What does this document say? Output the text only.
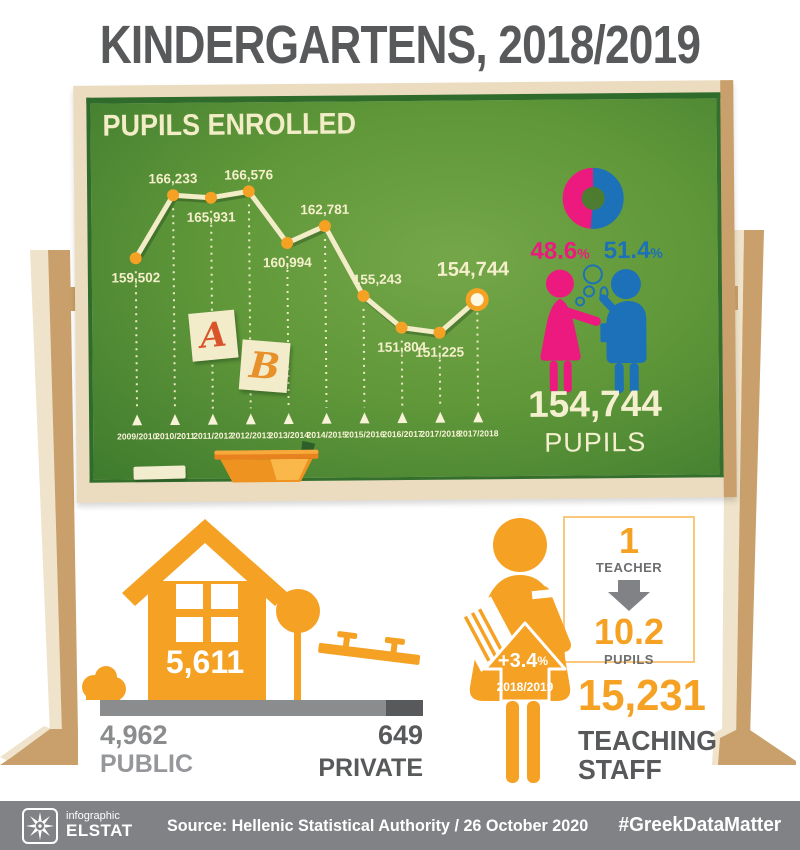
KINDERGARTENS, 2018/2019
PUPILS ENROLLED
2009/2010
2010/2011
2011/2012
2012/2013
2013/2014
2014/2015
2015/2016
2016/2017
2017/2018
2017/2018
159,502
166,233
165,931
166,576
160,994
162,781
155,243
151,804
151,225
154,744
A
B
48.6% 51.4%
154,744
PUPILS
5,611
4,962
PUBLIC
649
PRIVATE
1
TEACHER
10.2
PUPILS
+3.4%
2018/2019 15,231
TEACHING
STAFF
infographic
ELSTAT Source: Hellenic Statistical Authority / 26 October 2020 #GreekDataMatter
